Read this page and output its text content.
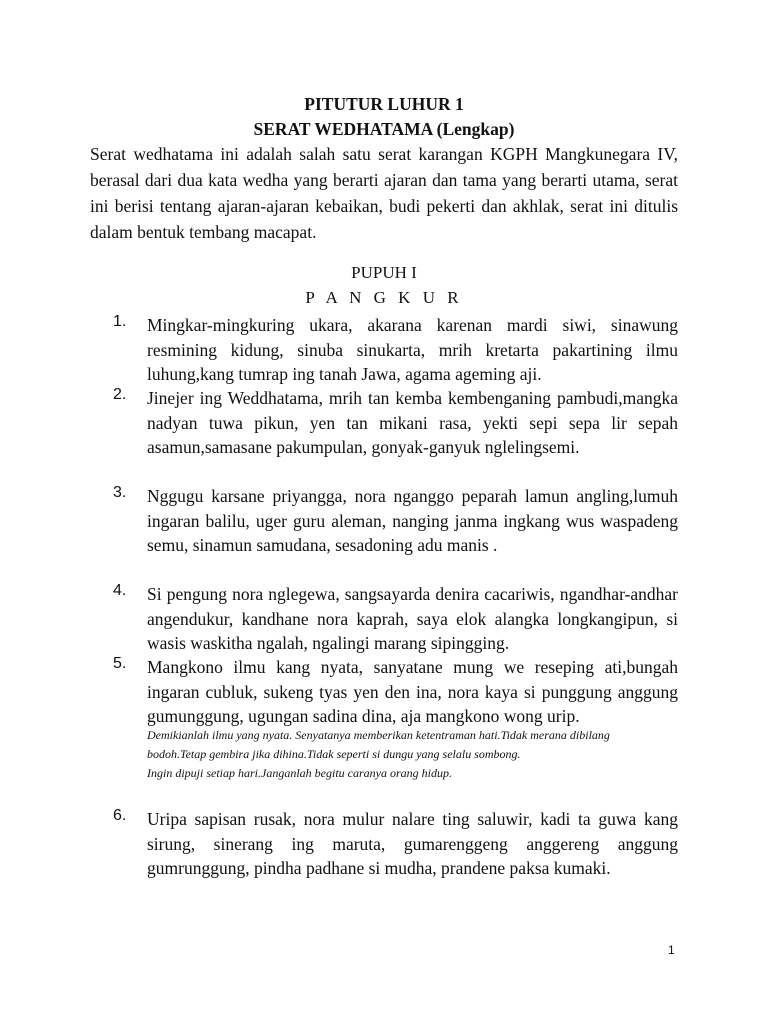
PITUTUR LUHUR 1

SERAT WEDHATAMA (Lengkap)

Serat wedhatama ini adalah salah satu serat karangan KGPH Mangkunegara IV, berasal dari dua kata wedha yang berarti ajaran dan tama yang berarti utama, serat ini berisi tentang ajaran-ajaran kebaikan, budi pekerti dan akhlak, serat ini ditulis dalam bentuk tembang macapat.

PUPUH I

P A N G K U R

1.	Mingkar-mingkuring ukara, akarana karenan mardi siwi, sinawung resmining kidung, sinuba sinukarta, mrih kretarta pakartining ilmu luhung,kang tumrap ing tanah Jawa, agama ageming aji.

2.	Jinejer ing Weddhatama, mrih tan kemba kembenganing pambudi,mangka nadyan tuwa pikun, yen tan mikani rasa, yekti sepi sepa lir sepah asamun,samasane pakumpulan, gonyak-ganyuk nglelingsemi.

3.	Nggugu karsane priyangga, nora nganggo peparah lamun angling,lumuh ingaran balilu, uger guru aleman, nanging janma ingkang wus waspadeng semu, sinamun samudana, sesadoning adu manis .

4.	Si pengung nora nglegewa, sangsayarda denira cacariwis, ngandhar-andhar angendukur, kandhane nora kaprah, saya elok alangka longkangipun, si wasis waskitha ngalah, ngalingi marang sipingging.

5.	Mangkono ilmu kang nyata, sanyatane mung we reseping ati,bungah ingaran cubluk, sukeng tyas yen den ina, nora kaya si punggung anggung gumunggung, ugungan sadina dina, aja mangkono wong urip.

6.	Uripa sapisan rusak, nora mulur nalare ting saluwir, kadi ta guwa kang sirung, sinerang ing maruta, gumarenggeng anggereng anggung gumrunggung, pindha padhane si mudha, prandene paksa kumaki.

Demikianlah ilmu yang nyata. Senyatanya memberikan ketentraman hati.Tidak merana dibilang
bodoh.Tetap gembira jika dihina.Tidak seperti si dungu yang selalu sombong.
Ingin dipuji setiap hari.Janganlah begitu caranya orang hidup.

1
